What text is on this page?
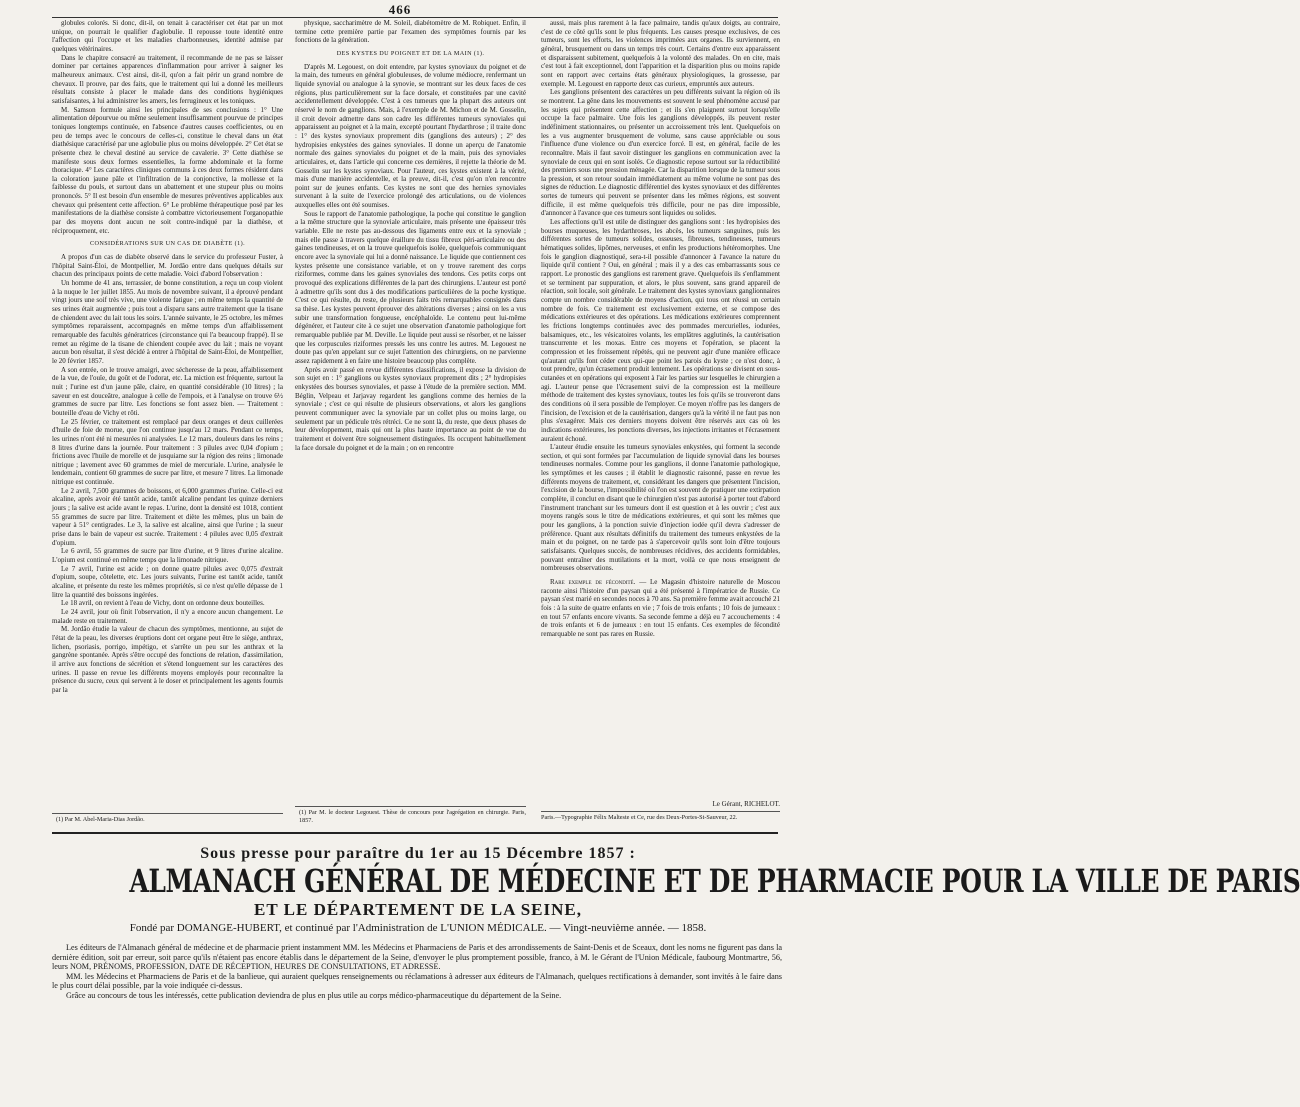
466

globules colorés. Si donc, dit-il, on tenait à caractériser cet état par un mot unique, on pourrait le qualifier d'aglobulie. Il repousse toute identité entre l'affection qui l'occupe et les maladies charbonneuses, identité admise par quelques vétérinaires.

Dans le chapitre consacré au traitement, il recommande de ne pas se laisser dominer par certaines apparences d'inflammation pour arriver à saigner les malheureux animaux. C'est ainsi, dit-il, qu'on a fait périr un grand nombre de chevaux. Il prouve, par des faits, que le traitement qui lui a donné les meilleurs résultats consiste à placer le malade dans des conditions hygiéniques satisfaisantes, à lui administrer les amers, les ferrugineux et les toniques.

M. Samson formule ainsi les principales de ses conclusions : 1° Une alimentation dépourvue ou même seulement insuffisamment pourvue de principes toniques longtemps continuée, en l'absence d'autres causes coefficientes, ou en peu de temps avec le concours de celles-ci, constitue le cheval dans un état diathésique caractérisé par une aglobulie plus ou moins développée. 2° Cet état se présente chez le cheval destiné au service de cavalerie. 3° Cette diathèse se manifeste sous deux formes essentielles, la forme abdominale et la forme thoracique. 4° Les caractères cliniques communs à ces deux formes résident dans la coloration jaune pâle et l'infiltration de la conjonctive, la mollesse et la faiblesse du pouls, et surtout dans un abattement et une stupeur plus ou moins prononcés. 5° Il est besoin d'un ensemble de mesures préventives applicables aux chevaux qui présentent cette affection. 6° Le problème thérapeutique posé par les manifestations de la diathèse consiste à combattre victorieusement l'organopathie par des moyens dont aucun ne soit contre-indiqué par la diathèse, et réciproquement, etc.

CONSIDÉRATIONS SUR UN CAS DE DIABÈTE (1).

A propos d'un cas de diabète observé dans le service du professeur Fuster, à l'hôpital Saint-Éloi, de Montpellier, M. Jordão entre dans quelques détails sur chacun des principaux points de cette maladie. Voici d'abord l'observation :

Un homme de 41 ans, terrassier, de bonne constitution, a reçu un coup violent à la nuque le 1er juillet 1855. Au mois de novembre suivant, il a éprouvé pendant vingt jours une soif très vive, une violente fatigue ; en même temps la quantité de ses urines était augmentée ; puis tout a disparu sans autre traitement que la tisane de chiendent avec du lait tous les soirs. L'année suivante, le 25 octobre, les mêmes symptômes reparaissent, accompagnés en même temps d'un affaiblissement remarquable des facultés génératrices (circonstance qui l'a beaucoup frappé). Il se remet au régime de la tisane de chiendent coupée avec du lait ; mais ne voyant aucun bon résultat, il s'est décidé à entrer à l'hôpital de Saint-Éloi, de Montpellier, le 20 février 1857.

A son entrée, on le trouve amaigri, avec sécheresse de la peau, affaiblissement de la vue, de l'ouïe, du goût et de l'odorat, etc. La miction est fréquente, surtout la nuit ; l'urine est d'un jaune pâle, claire, en quantité considérable (10 litres) ; la saveur en est douceâtre, analogue à celle de l'empois, et à l'analyse on trouve 6½ grammes de sucre par litre. Les fonctions se font assez bien. — Traitement : bouteille d'eau de Vichy et rôti.

Le 25 février, ce traitement est remplacé par deux oranges et deux cuillerées d'huile de foie de morue, que l'on continue jusqu'au 12 mars. Pendant ce temps, les urines n'ont été ni mesurées ni analysées. Le 12 mars, douleurs dans les reins ; 8 litres d'urine dans la journée. Pour traitement : 3 pilules avec 0,04 d'opium ; frictions avec l'huile de morelle et de jusquiame sur la région des reins ; limonade nitrique ; lavement avec 60 grammes de miel de mercuriale. L'urine, analysée le lendemain, contient 60 grammes de sucre par litre, et mesure 7 litres. La limonade nitrique est continuée.

Le 2 avril, 7,500 grammes de boissons, et 6,000 grammes d'urine. Celle-ci est alcaline, après avoir été tantôt acide, tantôt alcaline pendant les quinze derniers jours ; la salive est acide avant le repas. L'urine, dont la densité est 1018, contient 55 grammes de sucre par litre. Traitement et diète les mêmes, plus un bain de vapeur à 51° centigrades. Le 3, la salive est alcaline, ainsi que l'urine ; la sueur prise dans le bain de vapeur est sucrée. Traitement : 4 pilules avec 0,05 d'extrait d'opium.

Le 6 avril, 55 grammes de sucre par litre d'urine, et 9 litres d'urine alcaline. L'opium est continué en même temps que la limonade nitrique.

Le 7 avril, l'urine est acide ; on donne quatre pilules avec 0,075 d'extrait d'opium, soupe, côtelette, etc. Les jours suivants, l'urine est tantôt acide, tantôt alcaline, et présente du reste les mêmes propriétés, si ce n'est qu'elle dépasse de 1 litre la quantité des boissons ingérées.

Le 18 avril, on revient à l'eau de Vichy, dont on ordonne deux bouteilles.

Le 24 avril, jour où finit l'observation, il n'y a encore aucun changement. Le malade reste en traitement.

M. Jordão étudie la valeur de chacun des symptômes, mentionne, au sujet de l'état de la peau, les diverses éruptions dont cet organe peut être le siège, anthrax, lichen, psoriasis, porrigo, impétigo, et s'arrête un peu sur les anthrax et la gangrène spontanée. Après s'être occupé des fonctions de relation, d'assimilation, il arrive aux fonctions de sécrétion et s'étend longuement sur les caractères des urines. Il passe en revue les différents moyens employés pour reconnaître la présence du sucre, ceux qui servent à le doser et principalement les agents fournis par la

(1) Par M. Abel-Maria-Dias Jordão.

physique, saccharimètre de M. Soleil, diabétomètre de M. Robiquet. Enfin, il termine cette première partie par l'examen des symptômes fournis par les fonctions de la génération.

DES KYSTES DU POIGNET ET DE LA MAIN (1).

D'après M. Legouest, on doit entendre, par kystes synoviaux du poignet et de la main, des tumeurs en général globuleuses, de volume médiocre, renfermant un liquide synovial ou analogue à la synovie, se montrant sur les deux faces de ces régions, plus particulièrement sur la face dorsale, et constituées par une cavité accidentellement développée. C'est à ces tumeurs que la plupart des auteurs ont réservé le nom de ganglions. Mais, à l'exemple de M. Michon et de M. Gosselin, il croit devoir admettre dans son cadre les différentes tumeurs synoviales qui apparaissent au poignet et à la main, excepté pourtant l'hydarthrose ; il traite donc : 1° des kystes synoviaux proprement dits (ganglions des auteurs) ; 2° des hydropisies enkystées des gaines synoviales. Il donne un aperçu de l'anatomie normale des gaines synoviales du poignet et de la main, puis des synoviales articulaires, et, dans l'article qui concerne ces dernières, il rejette la théorie de M. Gosselin sur les kystes synoviaux. Pour l'auteur, ces kystes existent à la vérité, mais d'une manière accidentelle, et la preuve, dit-il, c'est qu'on n'en rencontre point sur de jeunes enfants. Ces kystes ne sont que des hernies synoviales survenant à la suite de l'exercice prolongé des articulations, ou de violences auxquelles elles ont été soumises.

Sous le rapport de l'anatomie pathologique, la poche qui constitue le ganglion a la même structure que la synoviale articulaire, mais présente une épaisseur très variable. Elle ne reste pas au-dessous des ligaments entre eux et la synoviale ; mais elle passe à travers quelque éraillure du tissu fibreux péri-articulaire ou des gaines tendineuses, et on la trouve quelquefois isolée, quelquefois communiquant encore avec la synoviale qui lui a donné naissance. Le liquide que contiennent ces kystes présente une consistance variable, et on y trouve rarement des corps riziformes, comme dans les gaines synoviales des tendons. Ces petits corps ont provoqué des explications différentes de la part des chirurgiens. L'auteur est porté à admettre qu'ils sont dus à des modifications particulières de la poche kystique. C'est ce qui résulte, du reste, de plusieurs faits très remarquables consignés dans sa thèse. Les kystes peuvent éprouver des altérations diverses ; ainsi on les a vus subir une transformation fongueuse, encéphaloïde. Le contenu peut lui-même dégénérer, et l'auteur cite à ce sujet une observation d'anatomie pathologique fort remarquable publiée par M. Deville. Le liquide peut aussi se résorber, et ne laisser que les corpuscules riziformes pressés les uns contre les autres. M. Legouest ne doute pas qu'en appelant sur ce sujet l'attention des chirurgiens, on ne parvienne assez rapidement à en faire une histoire beaucoup plus complète.

Après avoir passé en revue différentes classifications, il expose la division de son sujet en : 1° ganglions ou kystes synoviaux proprement dits ; 2° hydropisies enkystées des bourses synoviales, et passe à l'étude de la première section. MM. Béglin, Velpeau et Jarjavay regardent les ganglions comme des hernies de la synoviale ; c'est ce qui résulte de plusieurs observations, et alors les ganglions peuvent communiquer avec la synoviale par un collet plus ou moins large, ou seulement par un pédicule très rétréci. Ce ne sont là, du reste, que deux phases de leur développement, mais qui ont la plus haute importance au point de vue du traitement et doivent être soigneusement distinguées. Ils occupent habituellement la face dorsale du poignet et de la main ; on en rencontre

(1) Par M. le docteur Legouest. Thèse de concours pour l'agrégation en chirurgie. Paris, 1857.

aussi, mais plus rarement à la face palmaire, tandis qu'aux doigts, au contraire, c'est de ce côté qu'ils sont le plus fréquents. Les causes presque exclusives, de ces tumeurs, sont les efforts, les violences imprimées aux organes. Ils surviennent, en général, brusquement ou dans un temps très court. Certains d'entre eux apparaissent et disparaissent subitement, quelquefois à la volonté des malades. On en cite, mais c'est tout à fait exceptionnel, dont l'apparition et la disparition plus ou moins rapide sont en rapport avec certains états généraux physiologiques, la grossesse, par exemple. M. Legouest en rapporte deux cas curieux, empruntés aux auteurs.

Les ganglions présentent des caractères un peu différents suivant la région où ils se montrent. La gêne dans les mouvements est souvent le seul phénomène accusé par les sujets qui présentent cette affection ; et ils s'en plaignent surtout lorsqu'elle occupe la face palmaire. Une fois les ganglions développés, ils peuvent rester indéfiniment stationnaires, ou présenter un accroissement très lent. Quelquefois on les a vus augmenter brusquement de volume, sans cause appréciable ou sous l'influence d'une violence ou d'un exercice forcé. Il est, en général, facile de les reconnaître. Mais il faut savoir distinguer les ganglions en communication avec la synoviale de ceux qui en sont isolés. Ce diagnostic repose surtout sur la réductibilité des premiers sous une pression ménagée. Car la disparition lorsque de la tumeur sous la pression, et son retour soudain immédiatement au même volume ne sont pas des signes de réduction. Le diagnostic différentiel des kystes synoviaux et des différentes sortes de tumeurs qui peuvent se présenter dans les mêmes régions, est souvent difficile, il est même quelquefois très difficile, pour ne pas dire impossible, d'annoncer à l'avance que ces tumeurs sont liquides ou solides.

Les affections qu'il est utile de distinguer des ganglions sont : les hydropisies des bourses muqueuses, les hydarthroses, les abcès, les tumeurs sanguines, puis les différentes sortes de tumeurs solides, osseuses, fibreuses, tendineuses, tumeurs hématiques solides, lipômes, nerveuses, et enfin les productions hétéromorphes. Une fois le ganglion diagnostiqué, sera-t-il possible d'annoncer à l'avance la nature du liquide qu'il contient ? Oui, en général ; mais il y a des cas embarrassants sous ce rapport. Le pronostic des ganglions est rarement grave. Quelquefois ils s'enflamment et se terminent par suppuration, et alors, le plus souvent, sans grand appareil de réaction, soit locale, soit générale. Le traitement des kystes synoviaux ganglionnaires compte un nombre considérable de moyens d'action, qui tous ont réussi un certain nombre de fois. Ce traitement est exclusivement externe, et se compose des médications extérieures et des opérations. Les médications extérieures comprennent les frictions longtemps continuées avec des pommades mercurielles, iodurées, balsamiques, etc., les vésicatoires volants, les emplâtres agglutinés, la cautérisation transcurrente et les moxas. Entre ces moyens et l'opération, se placent la compression et les froissement répétés, qui ne peuvent agir d'une manière efficace qu'autant qu'ils font céder ceux qui-que point les parois du kyste ; ce n'est donc, à tout prendre, qu'un écrasement produit lentement. Les opérations se divisent en sous-cutanées et en opérations qui exposent à l'air les parties sur lesquelles le chirurgien a agi. L'auteur pense que l'écrasement suivi de la compression est la meilleure méthode de traitement des kystes synoviaux, toutes les fois qu'ils se trouveront dans des conditions où il sera possible de l'employer. Ce moyen n'offre pas les dangers de l'incision, de l'excision et de la cautérisation, dangers qu'à la vérité il ne faut pas non plus s'exagérer. Mais ces derniers moyens doivent être réservés aux cas où les indications extérieures, les ponctions diverses, les injections irritantes et l'écrasement auraient échoué.

L'auteur étudie ensuite les tumeurs synoviales enkystées, qui forment la seconde section, et qui sont formées par l'accumulation de liquide synovial dans les bourses tendineuses normales. Comme pour les ganglions, il donne l'anatomie pathologique, les symptômes et les causes ; il établit le diagnostic raisonné, passe en revue les différents moyens de traitement, et, considérant les dangers que présentent l'incision, l'excision de la bourse, l'impossibilité où l'on est souvent de pratiquer une extirpation complète, il conclut en disant que le chirurgien n'est pas autorisé à porter tout d'abord l'instrument tranchant sur les tumeurs dont il est question et à les ouvrir ; c'est aux moyens rangés sous le titre de médications extérieures, et qui sont les mêmes que pour les ganglions, à la ponction suivie d'injection iodée qu'il devra s'adresser de préférence. Quant aux résultats définitifs du traitement des tumeurs enkystées de la main et du poignet, on ne tarde pas à s'apercevoir qu'ils sont loin d'être toujours satisfaisants. Quelques succès, de nombreuses récidives, des accidents formidables, pouvant entraîner des mutilations et la mort, voilà ce que nous enseignent de nombreuses observations.

Rare exemple de fécondité. — Le Magasin d'histoire naturelle de Moscou raconte ainsi l'histoire d'un paysan qui a été présenté à l'impératrice de Russie. Ce paysan s'est marié en secondes noces à 70 ans. Sa première femme avait accouché 21 fois : à la suite de quatre enfants en vie ; 7 fois de trois enfants ; 10 fois de jumeaux : en tout 57 enfants encore vivants. Sa seconde femme a déjà eu 7 accouchements : 4 de trois enfants et 6 de jumeaux : en tout 15 enfants. Ces exemples de fécondité remarquable ne sont pas rares en Russie.

Le Gérant, RICHELOT.
Paris.—Typographie Félix Malteste et Ce, rue des Deux-Portes-St-Sauveur, 22.
Sous presse pour paraître du 1er au 15 Décembre 1857 :
ALMANACH GÉNÉRAL DE MÉDECINE ET DE PHARMACIE POUR LA VILLE DE PARIS
ET LE DÉPARTEMENT DE LA SEINE,
Fondé par DOMANGE-HUBERT, et continué par l'Administration de L'UNION MÉDICALE. — Vingt-neuvième année. — 1858.

Les éditeurs de l'Almanach général de médecine et de pharmacie prient instamment MM. les Médecins et Pharmaciens de Paris et des arrondissements de Saint-Denis et de Sceaux, dont les noms ne figurent pas dans la dernière édition, soit par erreur, soit parce qu'ils n'étaient pas encore établis dans le département de la Seine, d'envoyer le plus promptement possible, franco, à M. le Gérant de l'Union Médicale, faubourg Montmartre, 56, leurs NOM, PRÉNOMS, PROFESSION, DATE DE RÉCEPTION, HEURES DE CONSULTATIONS, ET ADRESSE.

MM. les Médecins et Pharmaciens de Paris et de la banlieue, qui auraient quelques renseignements ou réclamations à adresser aux éditeurs de l'Almanach, quelques rectifications à demander, sont invités à le faire dans le plus court délai possible, par la voie indiquée ci-dessus.

Grâce au concours de tous les intéressés, cette publication deviendra de plus en plus utile au corps médico-pharmaceutique du département de la Seine.
